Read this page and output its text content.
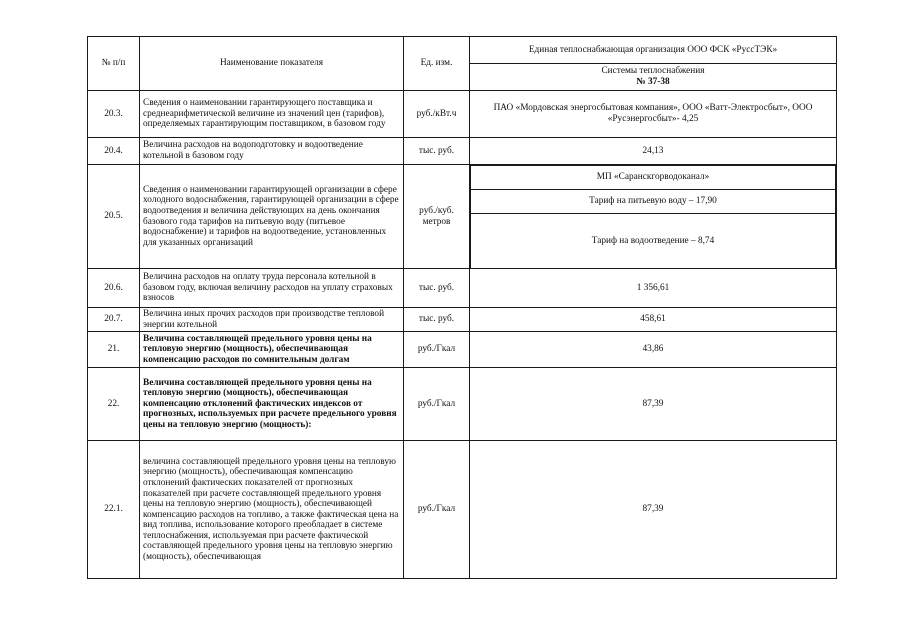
№ п/п	Наименование показателя	Ед. изм.	Единая теплоснабжающая организация ООО ФСК «РуссТЭК»

Системы теплоснабжения
№ 37-38

20.3.	Сведения о наименовании гарантирующего поставщика и среднеарифметической величине из значений цен (тарифов), определяемых гарантирующим поставщиком, в базовом году	руб./кВт.ч	ПАО «Мордовская энергосбытовая компания», ООО «Ватт-Электросбыт», ООО «Русэнергосбыт»- 4,25
20.4.	Величина расходов на водоподготовку и водоотведение котельной в базовом году	тыс. руб.	24,13
20.5.	Сведения о наименовании гарантирующей организации в сфере холодного водоснабжения, гарантирующей организации в сфере водоотведения и величина действующих на день окончания базового года тарифов на питьевую воду (питьевое водоснабжение) и тарифов на водоотведение, установленных для указанных организаций	руб./куб. метров	
МП «Саранскгорводоканал»
Тариф на питьевую воду – 17,90
Тариф на водоотведение – 8,74

20.6.	Величина расходов на оплату труда персонала котельной в базовом году, включая величину расходов на уплату страховых взносов	тыс. руб.	1 356,61
20.7.	Величина иных прочих расходов при производстве тепловой энергии котельной	тыс. руб.	458,61
21.	Величина составляющей предельного уровня цены на тепловую энергию (мощность), обеспечивающая компенсацию расходов по сомнительным долгам	руб./Гкал	43,86
22.	Величина составляющей предельного уровня цены на тепловую энергию (мощность), обеспечивающая компенсацию отклонений фактических индексов от прогнозных, используемых при расчете предельного уровня цены на тепловую энергию (мощность):	руб./Гкал	87,39
22.1.	величина составляющей предельного уровня цены на тепловую энергию (мощность), обеспечивающая компенсацию отклонений фактических показателей от прогнозных показателей при расчете составляющей предельного уровня цены на тепловую энергию (мощность), обеспечивающей компенсацию расходов на топливо, а также фактическая цена на вид топлива, использование которого преобладает в системе теплоснабжения, используемая при расчете фактической составляющей предельного уровня цены на тепловую энергию (мощность), обеспечивающая	руб./Гкал	87,39
